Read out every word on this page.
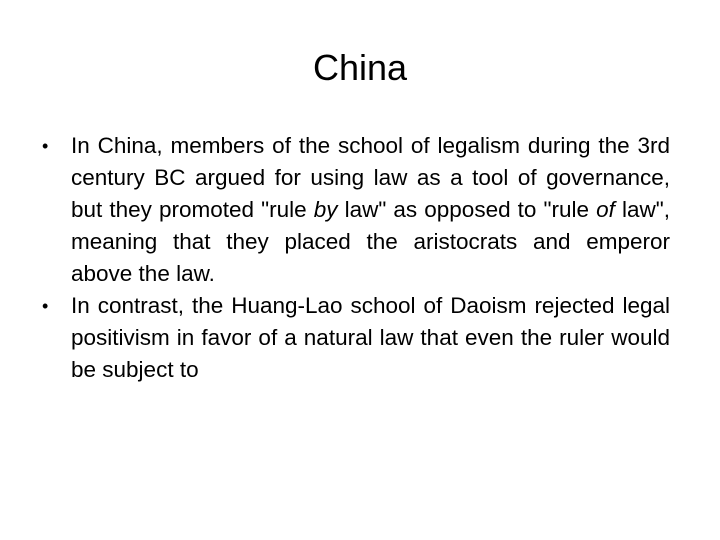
China
• In China, members of the school of legalism during the 3rd century BC argued for using law as a tool of governance, but they promoted "rule by law" as opposed to "rule of law", meaning that they placed the aristocrats and emperor above the law.
• In contrast, the Huang-Lao school of Daoism rejected legal positivism in favor of a natural law that even the ruler would be subject to
